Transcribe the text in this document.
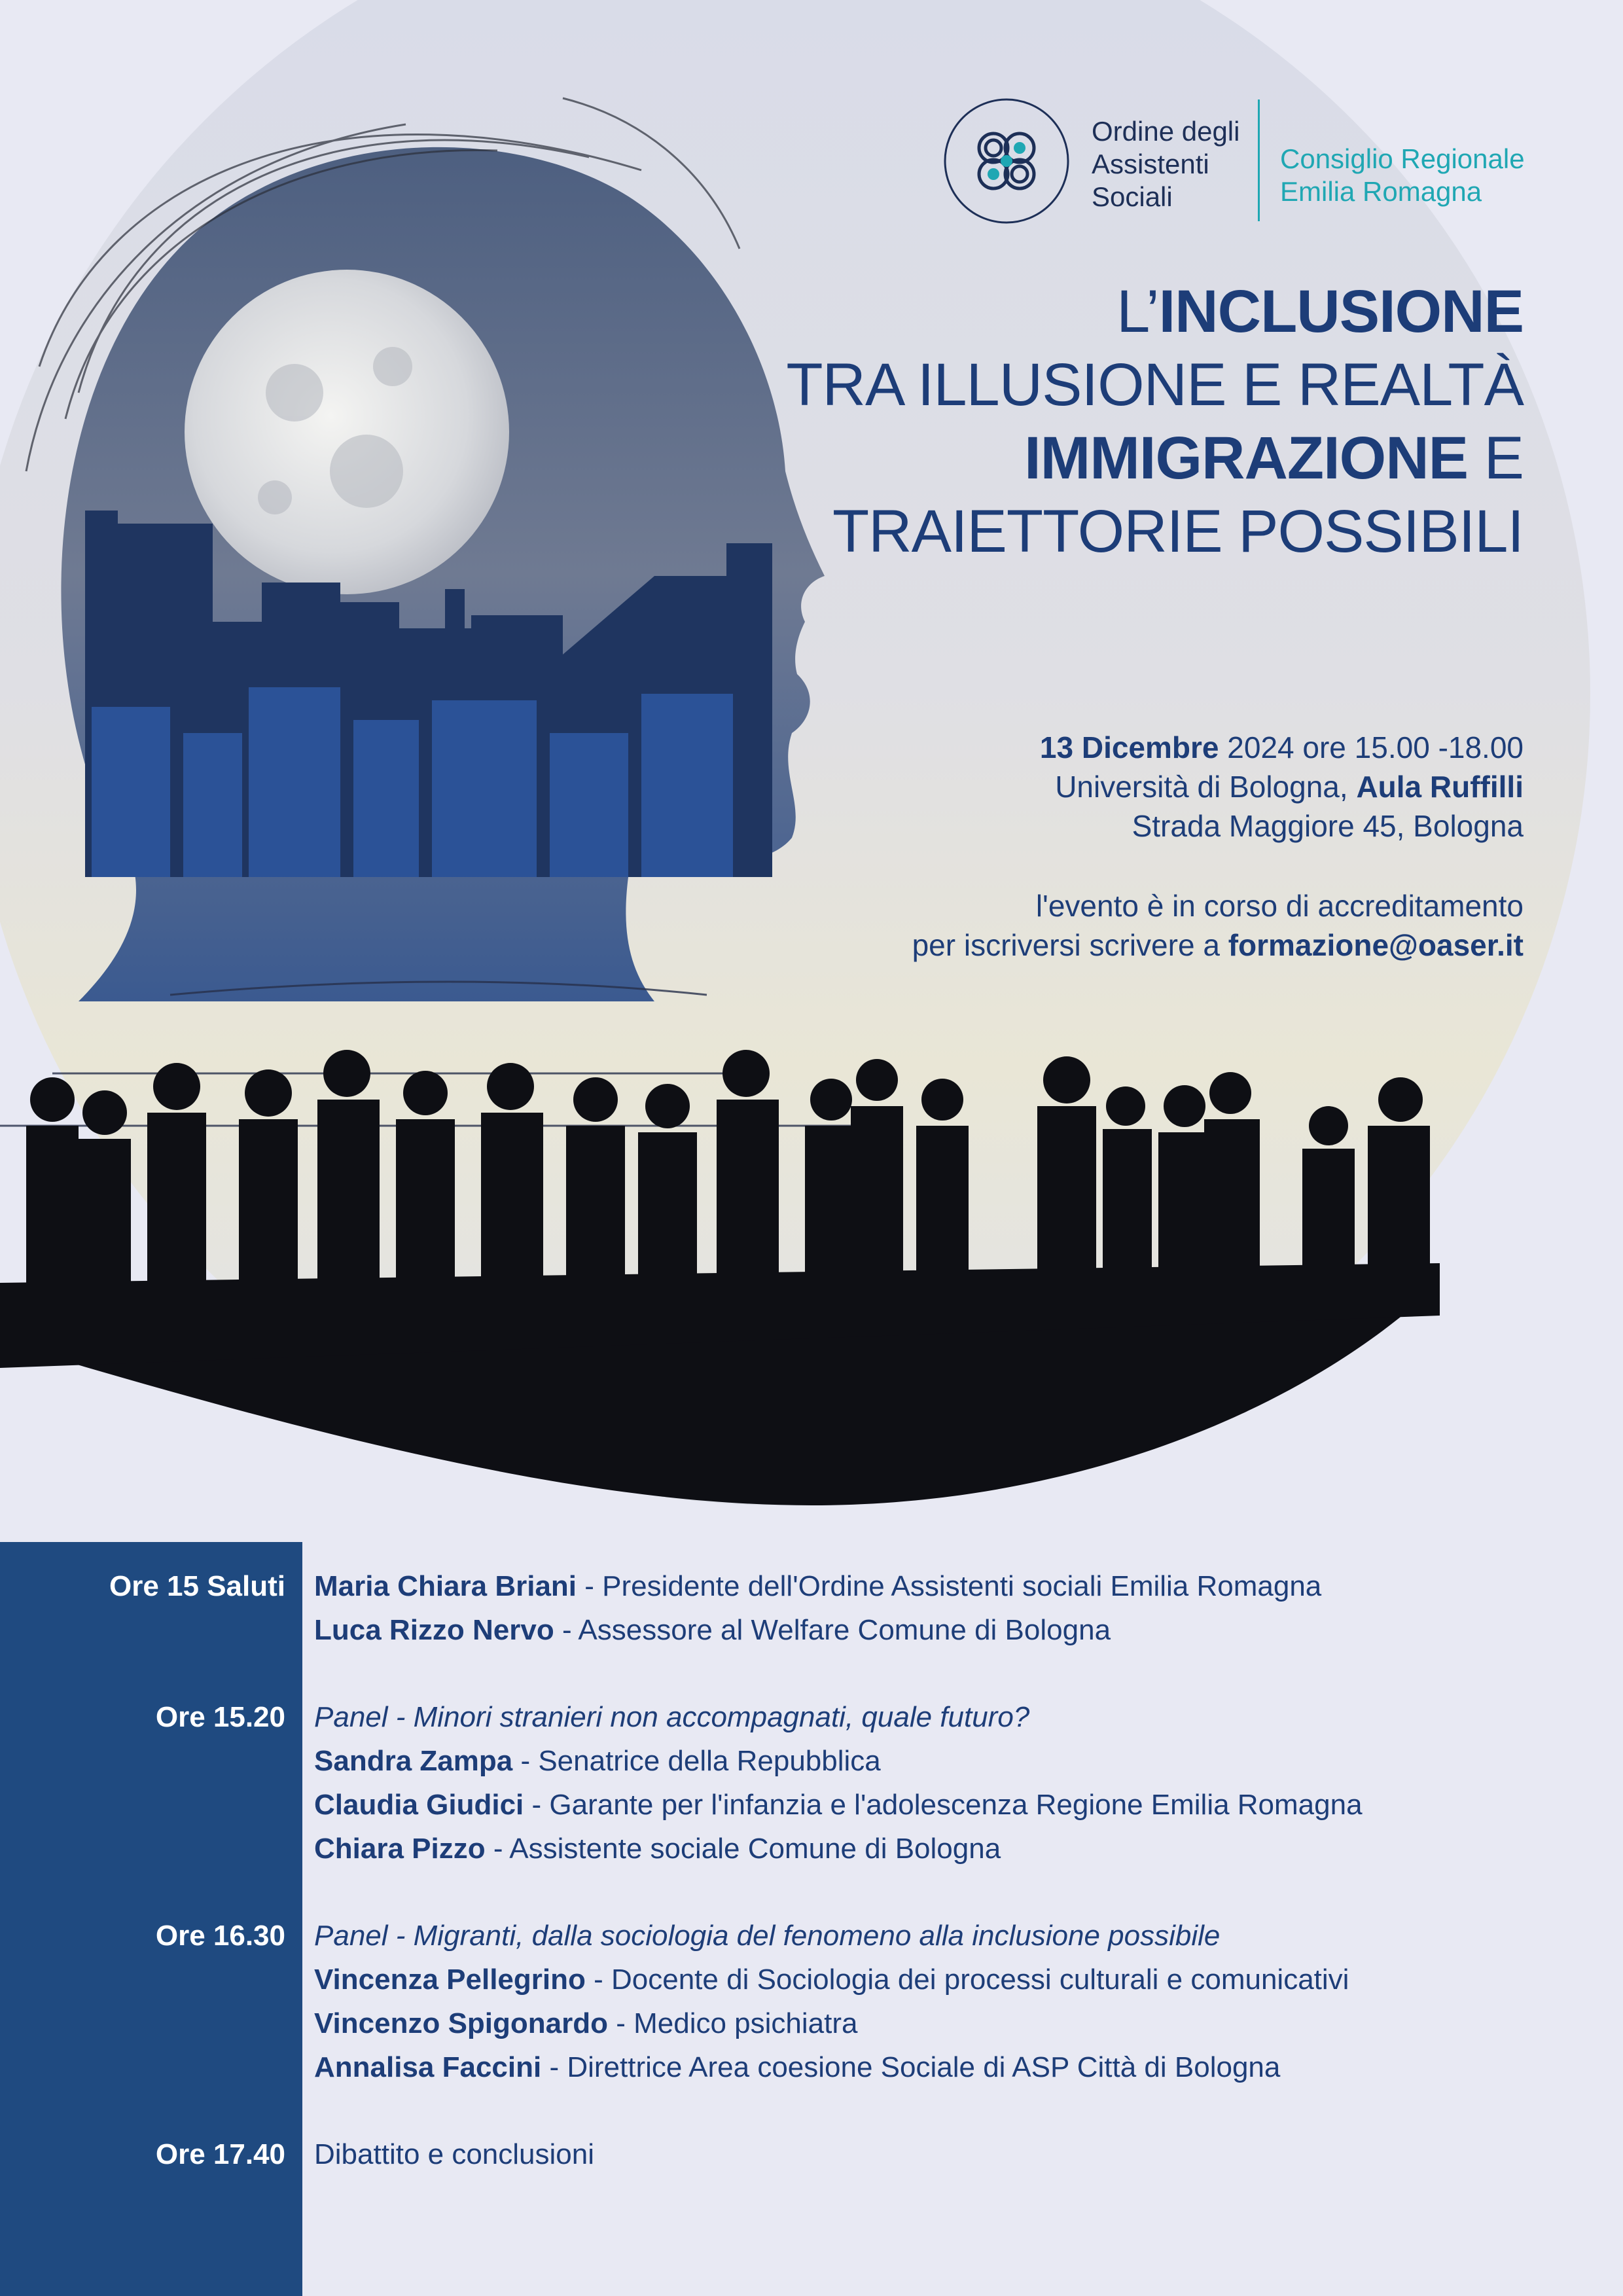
Ordine degli
Assistenti
Sociali
Consiglio Regionale
Emilia Romagna
L’INCLUSIONE
TRA ILLUSIONE E REALTÀ
IMMIGRAZIONE E
TRAIETTORIE POSSIBILI
13 Dicembre 2024 ore 15.00 -18.00
Università di Bologna, Aula Ruffilli
Strada Maggiore 45, Bologna
l'evento è in corso di accreditamento
per iscriversi scrivere a formazione@oaser.it
Ore 15 Saluti Maria Chiara Briani - Presidente dell'Ordine Assistenti sociali Emilia Romagna
Luca Rizzo Nervo - Assessore al Welfare Comune di Bologna
Ore 15.20 Panel - Minori stranieri non accompagnati, quale futuro?
Sandra Zampa - Senatrice della Repubblica
Claudia Giudici - Garante per l'infanzia e l'adolescenza Regione Emilia Romagna
Chiara Pizzo - Assistente sociale Comune di Bologna
Ore 16.30 Panel - Migranti, dalla sociologia del fenomeno alla inclusione possibile
Vincenza Pellegrino - Docente di Sociologia dei processi culturali e comunicativi
Vincenzo Spigonardo - Medico psichiatra
Annalisa Faccini - Direttrice Area coesione Sociale di ASP Città di Bologna
Ore 17.40 Dibattito e conclusioni
